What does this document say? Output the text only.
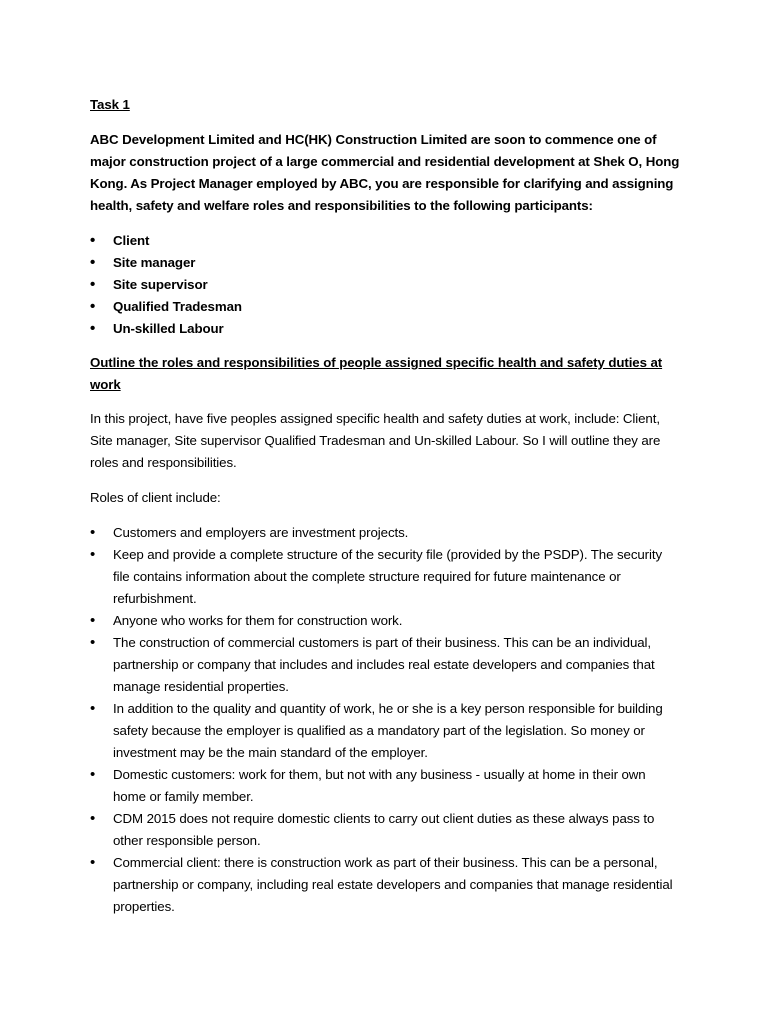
Task 1

ABC Development Limited and HC(HK) Construction Limited are soon to commence one of major construction project of a large commercial and residential development at Shek O, Hong Kong. As Project Manager employed by ABC, you are responsible for clarifying and assigning health, safety and welfare roles and responsibilities to the following participants:

• Client
• Site manager
• Site supervisor
• Qualified Tradesman
• Un-skilled Labour

Outline the roles and responsibilities of people assigned specific health and safety duties at work

In this project, have five peoples assigned specific health and safety duties at work, include: Client, Site manager, Site supervisor Qualified Tradesman and Un-skilled Labour. So I will outline they are roles and responsibilities.

Roles of client include:

• Customers and employers are investment projects.
• Keep and provide a complete structure of the security file (provided by the PSDP). The security file contains information about the complete structure required for future maintenance or refurbishment.
• Anyone who works for them for construction work.
• The construction of commercial customers is part of their business. This can be an individual, partnership or company that includes and includes real estate developers and companies that manage residential properties.
• In addition to the quality and quantity of work, he or she is a key person responsible for building safety because the employer is qualified as a mandatory part of the legislation. So money or investment may be the main standard of the employer.
• Domestic customers: work for them, but not with any business - usually at home in their own home or family member.
• CDM 2015 does not require domestic clients to carry out client duties as these always pass to other responsible person.
• Commercial client: there is construction work as part of their business. This can be a personal, partnership or company, including real estate developers and companies that manage residential properties.
